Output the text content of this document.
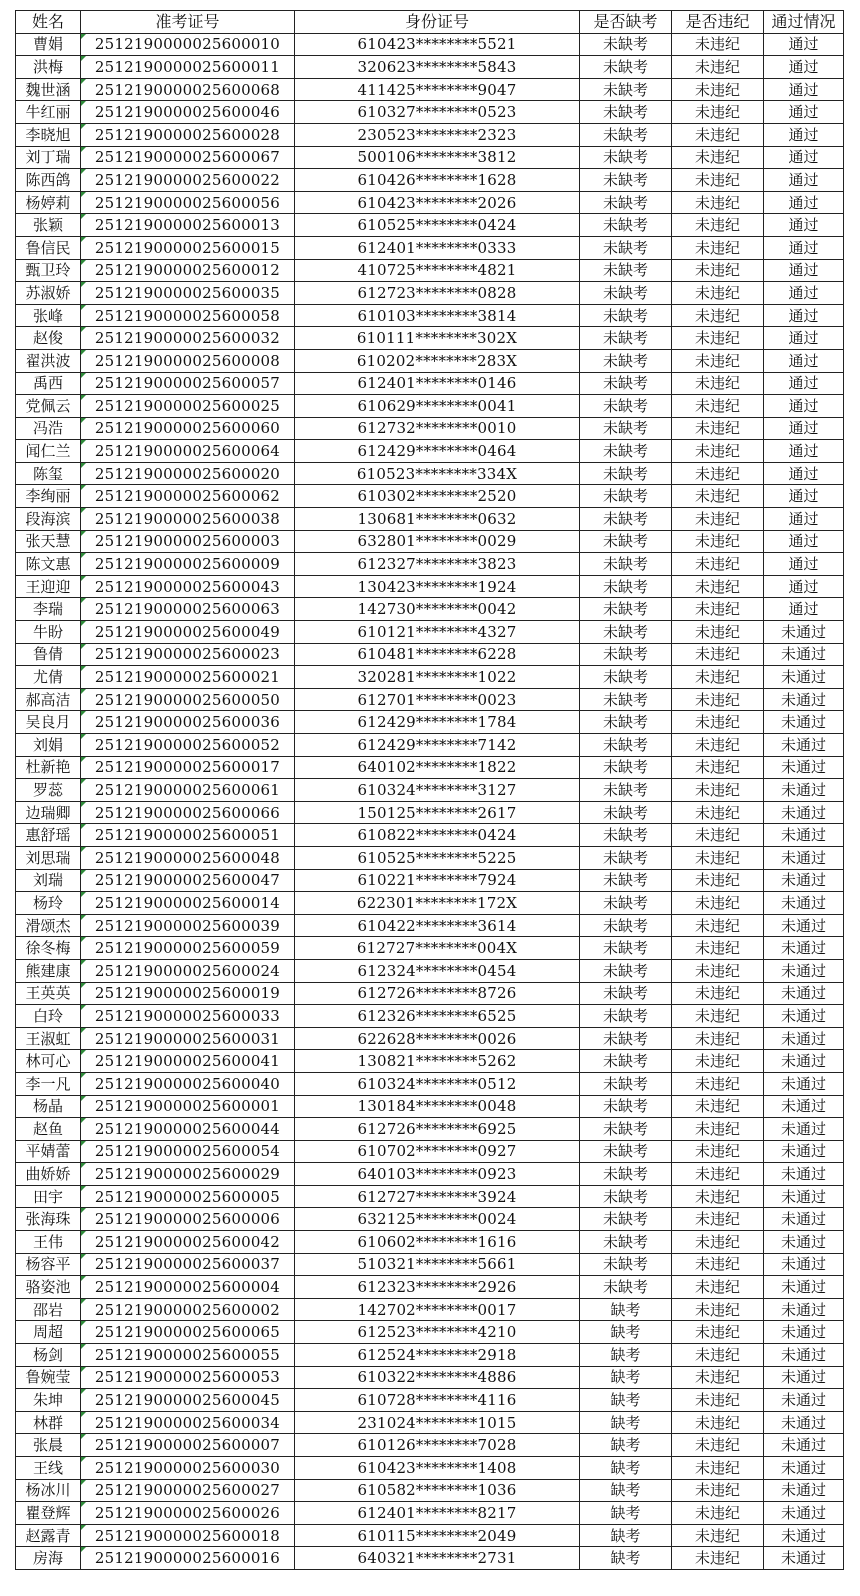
姓名	准考证号	身份证号	是否缺考	是否违纪	通过情况
曹娟	2512190000025600010	610423********5521	未缺考	未违纪	通过
洪梅	2512190000025600011	320623********5843	未缺考	未违纪	通过
魏世涵	2512190000025600068	411425********9047	未缺考	未违纪	通过
牛红丽	2512190000025600046	610327********0523	未缺考	未违纪	通过
李晓旭	2512190000025600028	230523********2323	未缺考	未违纪	通过
刘丁瑞	2512190000025600067	500106********3812	未缺考	未违纪	通过
陈西鸽	2512190000025600022	610426********1628	未缺考	未违纪	通过
杨婷莉	2512190000025600056	610423********2026	未缺考	未违纪	通过
张颖	2512190000025600013	610525********0424	未缺考	未违纪	通过
鲁信民	2512190000025600015	612401********0333	未缺考	未违纪	通过
甄卫玲	2512190000025600012	410725********4821	未缺考	未违纪	通过
苏淑娇	2512190000025600035	612723********0828	未缺考	未违纪	通过
张峰	2512190000025600058	610103********3814	未缺考	未违纪	通过
赵俊	2512190000025600032	610111********302X	未缺考	未违纪	通过
翟洪波	2512190000025600008	610202********283X	未缺考	未违纪	通过
禹西	2512190000025600057	612401********0146	未缺考	未违纪	通过
党佩云	2512190000025600025	610629********0041	未缺考	未违纪	通过
冯浩	2512190000025600060	612732********0010	未缺考	未违纪	通过
闻仁兰	2512190000025600064	612429********0464	未缺考	未违纪	通过
陈玺	2512190000025600020	610523********334X	未缺考	未违纪	通过
李绚丽	2512190000025600062	610302********2520	未缺考	未违纪	通过
段海滨	2512190000025600038	130681********0632	未缺考	未违纪	通过
张天慧	2512190000025600003	632801********0029	未缺考	未违纪	通过
陈文惠	2512190000025600009	612327********3823	未缺考	未违纪	通过
王迎迎	2512190000025600043	130423********1924	未缺考	未违纪	通过
李瑞	2512190000025600063	142730********0042	未缺考	未违纪	通过
牛盼	2512190000025600049	610121********4327	未缺考	未违纪	未通过
鲁倩	2512190000025600023	610481********6228	未缺考	未违纪	未通过
尤倩	2512190000025600021	320281********1022	未缺考	未违纪	未通过
郝高洁	2512190000025600050	612701********0023	未缺考	未违纪	未通过
吴良月	2512190000025600036	612429********1784	未缺考	未违纪	未通过
刘娟	2512190000025600052	612429********7142	未缺考	未违纪	未通过
杜新艳	2512190000025600017	640102********1822	未缺考	未违纪	未通过
罗蕊	2512190000025600061	610324********3127	未缺考	未违纪	未通过
边瑞卿	2512190000025600066	150125********2617	未缺考	未违纪	未通过
惠舒瑶	2512190000025600051	610822********0424	未缺考	未违纪	未通过
刘思瑞	2512190000025600048	610525********5225	未缺考	未违纪	未通过
刘瑞	2512190000025600047	610221********7924	未缺考	未违纪	未通过
杨玲	2512190000025600014	622301********172X	未缺考	未违纪	未通过
滑颂杰	2512190000025600039	610422********3614	未缺考	未违纪	未通过
徐冬梅	2512190000025600059	612727********004X	未缺考	未违纪	未通过
熊建康	2512190000025600024	612324********0454	未缺考	未违纪	未通过
王英英	2512190000025600019	612726********8726	未缺考	未违纪	未通过
白玲	2512190000025600033	612326********6525	未缺考	未违纪	未通过
王淑虹	2512190000025600031	622628********0026	未缺考	未违纪	未通过
林可心	2512190000025600041	130821********5262	未缺考	未违纪	未通过
李一凡	2512190000025600040	610324********0512	未缺考	未违纪	未通过
杨晶	2512190000025600001	130184********0048	未缺考	未违纪	未通过
赵鱼	2512190000025600044	612726********6925	未缺考	未违纪	未通过
平婧蕾	2512190000025600054	610702********0927	未缺考	未违纪	未通过
曲娇娇	2512190000025600029	640103********0923	未缺考	未违纪	未通过
田宇	2512190000025600005	612727********3924	未缺考	未违纪	未通过
张海珠	2512190000025600006	632125********0024	未缺考	未违纪	未通过
王伟	2512190000025600042	610602********1616	未缺考	未违纪	未通过
杨容平	2512190000025600037	510321********5661	未缺考	未违纪	未通过
骆姿池	2512190000025600004	612323********2926	未缺考	未违纪	未通过
邵岩	2512190000025600002	142702********0017	缺考	未违纪	未通过
周超	2512190000025600065	612523********4210	缺考	未违纪	未通过
杨剑	2512190000025600055	612524********2918	缺考	未违纪	未通过
鲁婉莹	2512190000025600053	610322********4886	缺考	未违纪	未通过
朱坤	2512190000025600045	610728********4116	缺考	未违纪	未通过
林群	2512190000025600034	231024********1015	缺考	未违纪	未通过
张晨	2512190000025600007	610126********7028	缺考	未违纪	未通过
王线	2512190000025600030	610423********1408	缺考	未违纪	未通过
杨冰川	2512190000025600027	610582********1036	缺考	未违纪	未通过
瞿登辉	2512190000025600026	612401********8217	缺考	未违纪	未通过
赵露青	2512190000025600018	610115********2049	缺考	未违纪	未通过
房海	2512190000025600016	640321********2731	缺考	未违纪	未通过
